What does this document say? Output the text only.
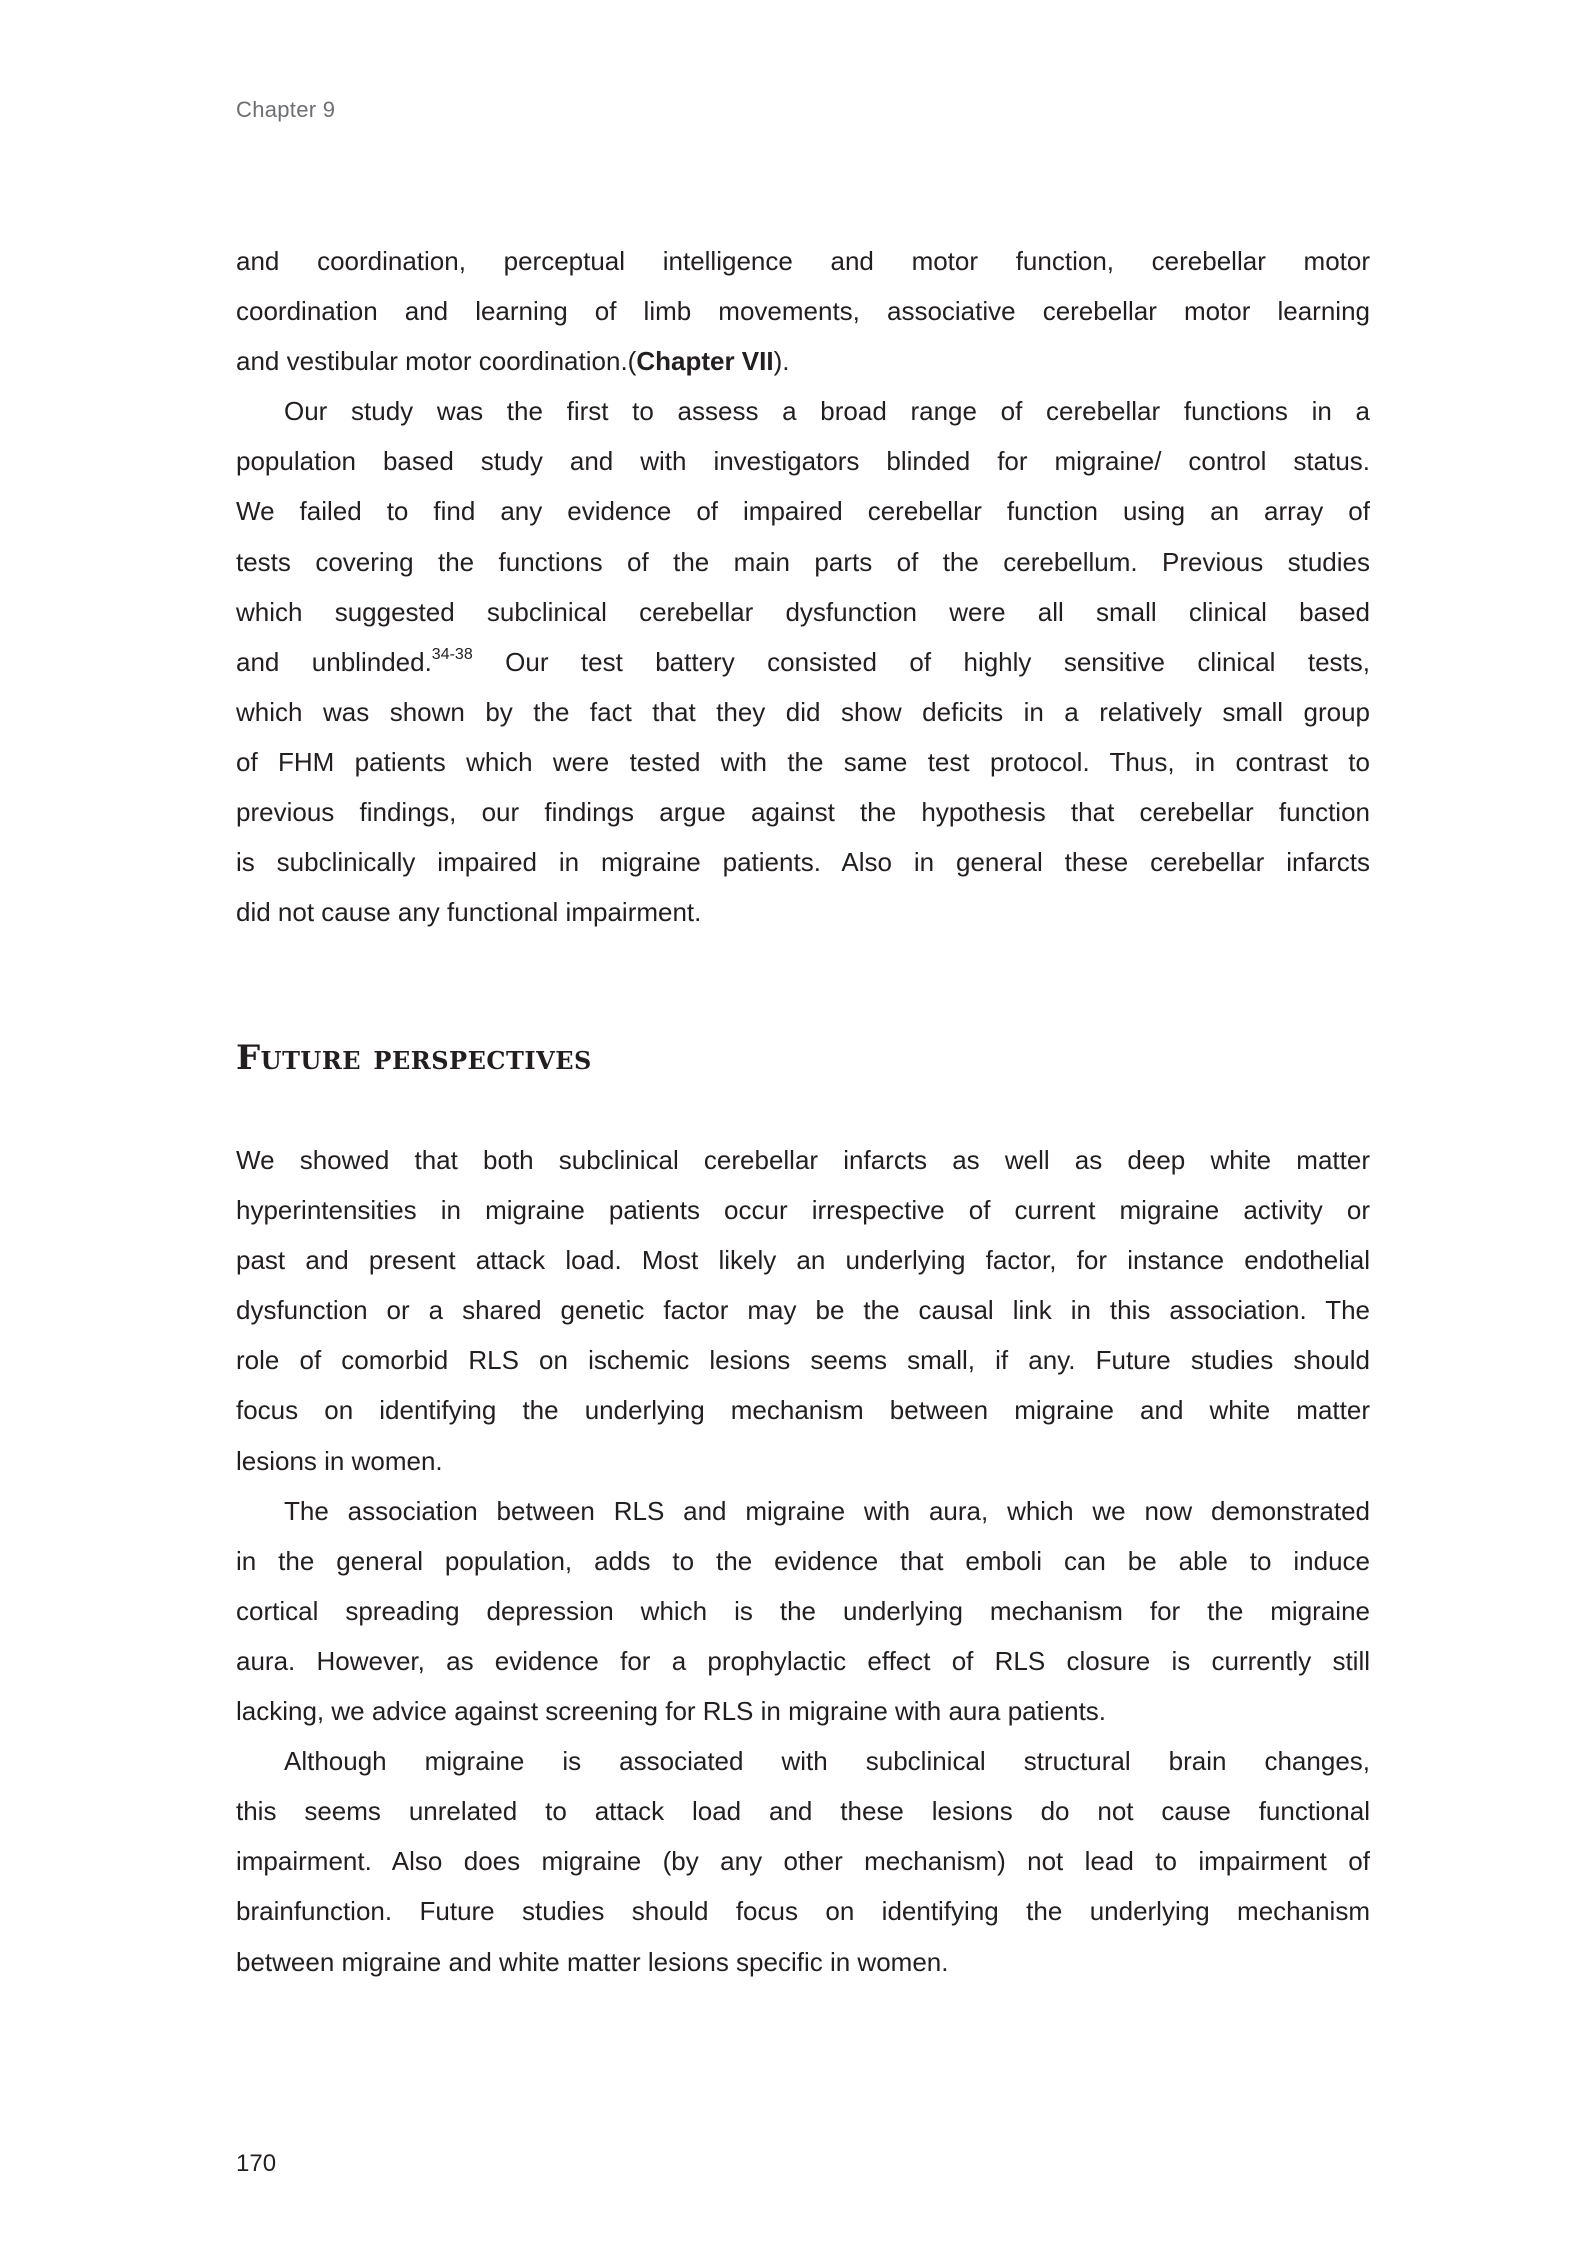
Chapter 9
and coordination, perceptual intelligence and motor function, cerebellar motor
coordination and learning of limb movements, associative cerebellar motor learning
and vestibular motor coordination.(Chapter VII).
Our study was the first to assess a broad range of cerebellar functions in a
population based study and with investigators blinded for migraine/ control status.
We failed to find any evidence of impaired cerebellar function using an array of
tests covering the functions of the main parts of the cerebellum. Previous studies
which suggested subclinical cerebellar dysfunction were all small clinical based
and unblinded.$^{34-38}$ Our test battery consisted of highly sensitive clinical tests,
which was shown by the fact that they did show deficits in a relatively small group
of FHM patients which were tested with the same test protocol. Thus, in contrast to
previous findings, our findings argue against the hypothesis that cerebellar function
is subclinically impaired in migraine patients. Also in general these cerebellar infarcts
did not cause any functional impairment.
Future perspectives
We showed that both subclinical cerebellar infarcts as well as deep white matter
hyperintensities in migraine patients occur irrespective of current migraine activity or
past and present attack load. Most likely an underlying factor, for instance endothelial
dysfunction or a shared genetic factor may be the causal link in this association. The
role of comorbid RLS on ischemic lesions seems small, if any. Future studies should
focus on identifying the underlying mechanism between migraine and white matter
lesions in women.
The association between RLS and migraine with aura, which we now demonstrated
in the general population, adds to the evidence that emboli can be able to induce
cortical spreading depression which is the underlying mechanism for the migraine
aura. However, as evidence for a prophylactic effect of RLS closure is currently still
lacking, we advice against screening for RLS in migraine with aura patients.
Although migraine is associated with subclinical structural brain changes,
this seems unrelated to attack load and these lesions do not cause functional
impairment. Also does migraine (by any other mechanism) not lead to impairment of
brainfunction. Future studies should focus on identifying the underlying mechanism
between migraine and white matter lesions specific in women.
170
